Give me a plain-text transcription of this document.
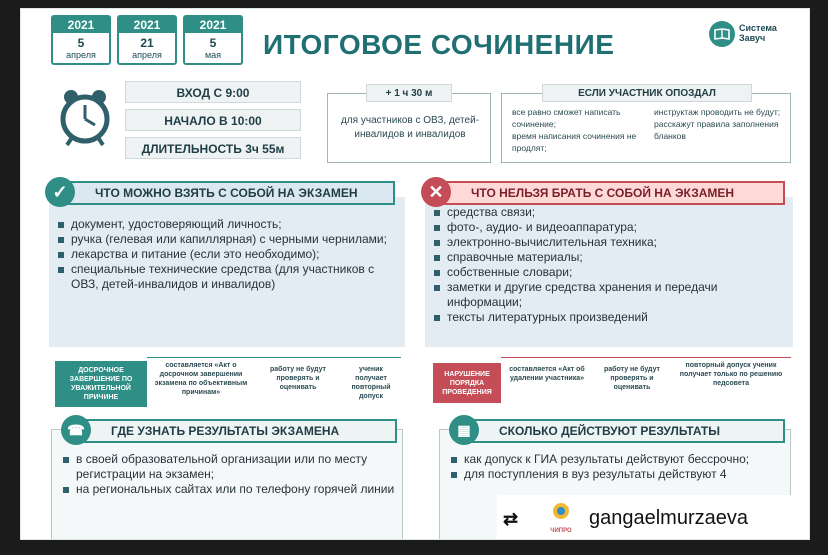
2021
5
апреля
2021
21
апреля
2021
5
мая	ИТОГОВОЕ СОЧИНЕНИЕ
Система Завуч
ВХОД С 9:00
НАЧАЛО В 10:00
ДЛИТЕЛЬНОСТЬ 3ч 55м
+ 1 ч 30 м
для участников с ОВЗ, детей-инвалидов и инвалидов
ЕСЛИ УЧАСТНИК ОПОЗДАЛ
все равно сможет написать сочинение;
время написания сочинения не продлят;
инструктаж проводить не будут;
расскажут правила заполнения бланков
документ, удостоверяющий личность;
ручка (гелевая или капиллярная) с черными чернилами;
лекарства и питание (если это необходимо);
специальные технические средства (для участников с ОВЗ, детей-инвалидов и инвалидов)
ЧТО МОЖНО ВЗЯТЬ С СОБОЙ НА ЭКЗАМЕН
✓
средства связи;
фото-, аудио- и видеоаппаратура;
электронно-вычислительная техника;
справочные материалы;
собственные словари;
заметки и другие средства хранения и передачи информации;
тексты литературных произведений
ЧТО НЕЛЬЗЯ БРАТЬ С СОБОЙ НА ЭКЗАМЕН
✕
ДОСРОЧНОЕ ЗАВЕРШЕНИЕ ПО УВАЖИТЕЛЬНОЙ ПРИЧИНЕ
составляется «Акт о досрочном завершении экзамена по объективным причинам»
работу не будут проверять и оценивать
ученик получает повторный допуск
НАРУШЕНИЕ ПОРЯДКА ПРОВЕДЕНИЯ
составляется «Акт об удалении участника»
работу не будут проверять и оценивать
повторный допуск ученик получает только по решению педсовета
в своей образовательной организации или по месту регистрации на экзамен;
на региональных сайтах или по телефону горячей линии
ГДЕ УЗНАТЬ РЕЗУЛЬТАТЫ ЭКЗАМЕНА
☎
как допуск к ГИА результаты действуют бессрочно;
для поступления в вуз результаты действуют 4
СКОЛЬКО ДЕЙСТВУЮТ РЕЗУЛЬТАТЫ
▦
⇄
ЧИПРО
gangaelmurzaeva
